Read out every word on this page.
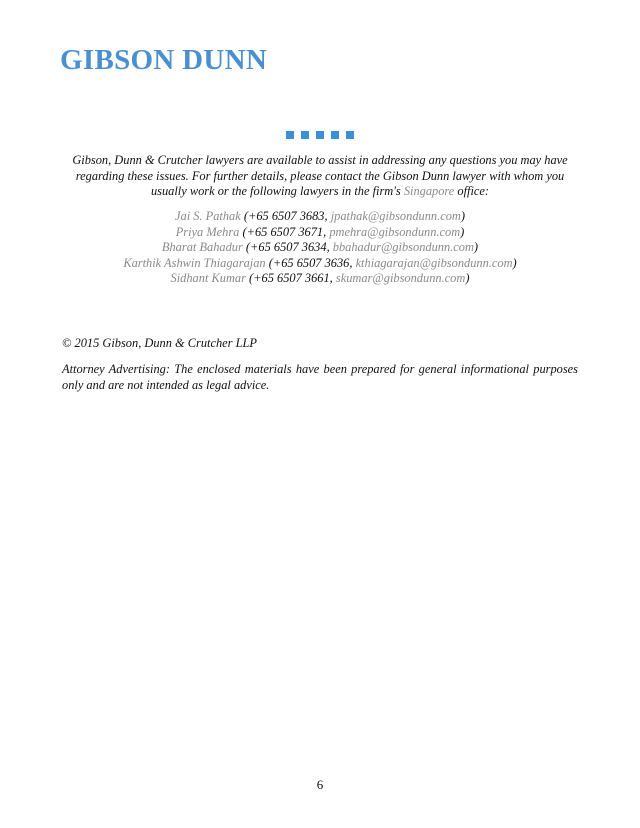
GIBSON DUNN

Gibson, Dunn & Crutcher lawyers are available to assist in addressing any questions you may have regarding these issues. For further details, please contact the Gibson Dunn lawyer with whom you usually work or the following lawyers in the firm's Singapore office:

Jai S. Pathak (+65 6507 3683, jpathak@gibsondunn.com)
Priya Mehra (+65 6507 3671, pmehra@gibsondunn.com)
Bharat Bahadur (+65 6507 3634, bbahadur@gibsondunn.com)
Karthik Ashwin Thiagarajan (+65 6507 3636, kthiagarajan@gibsondunn.com)
Sidhant Kumar (+65 6507 3661, skumar@gibsondunn.com)
© 2015 Gibson, Dunn & Crutcher LLP
Attorney Advertising: The enclosed materials have been prepared for general informational purposes only and are not intended as legal advice.
6
